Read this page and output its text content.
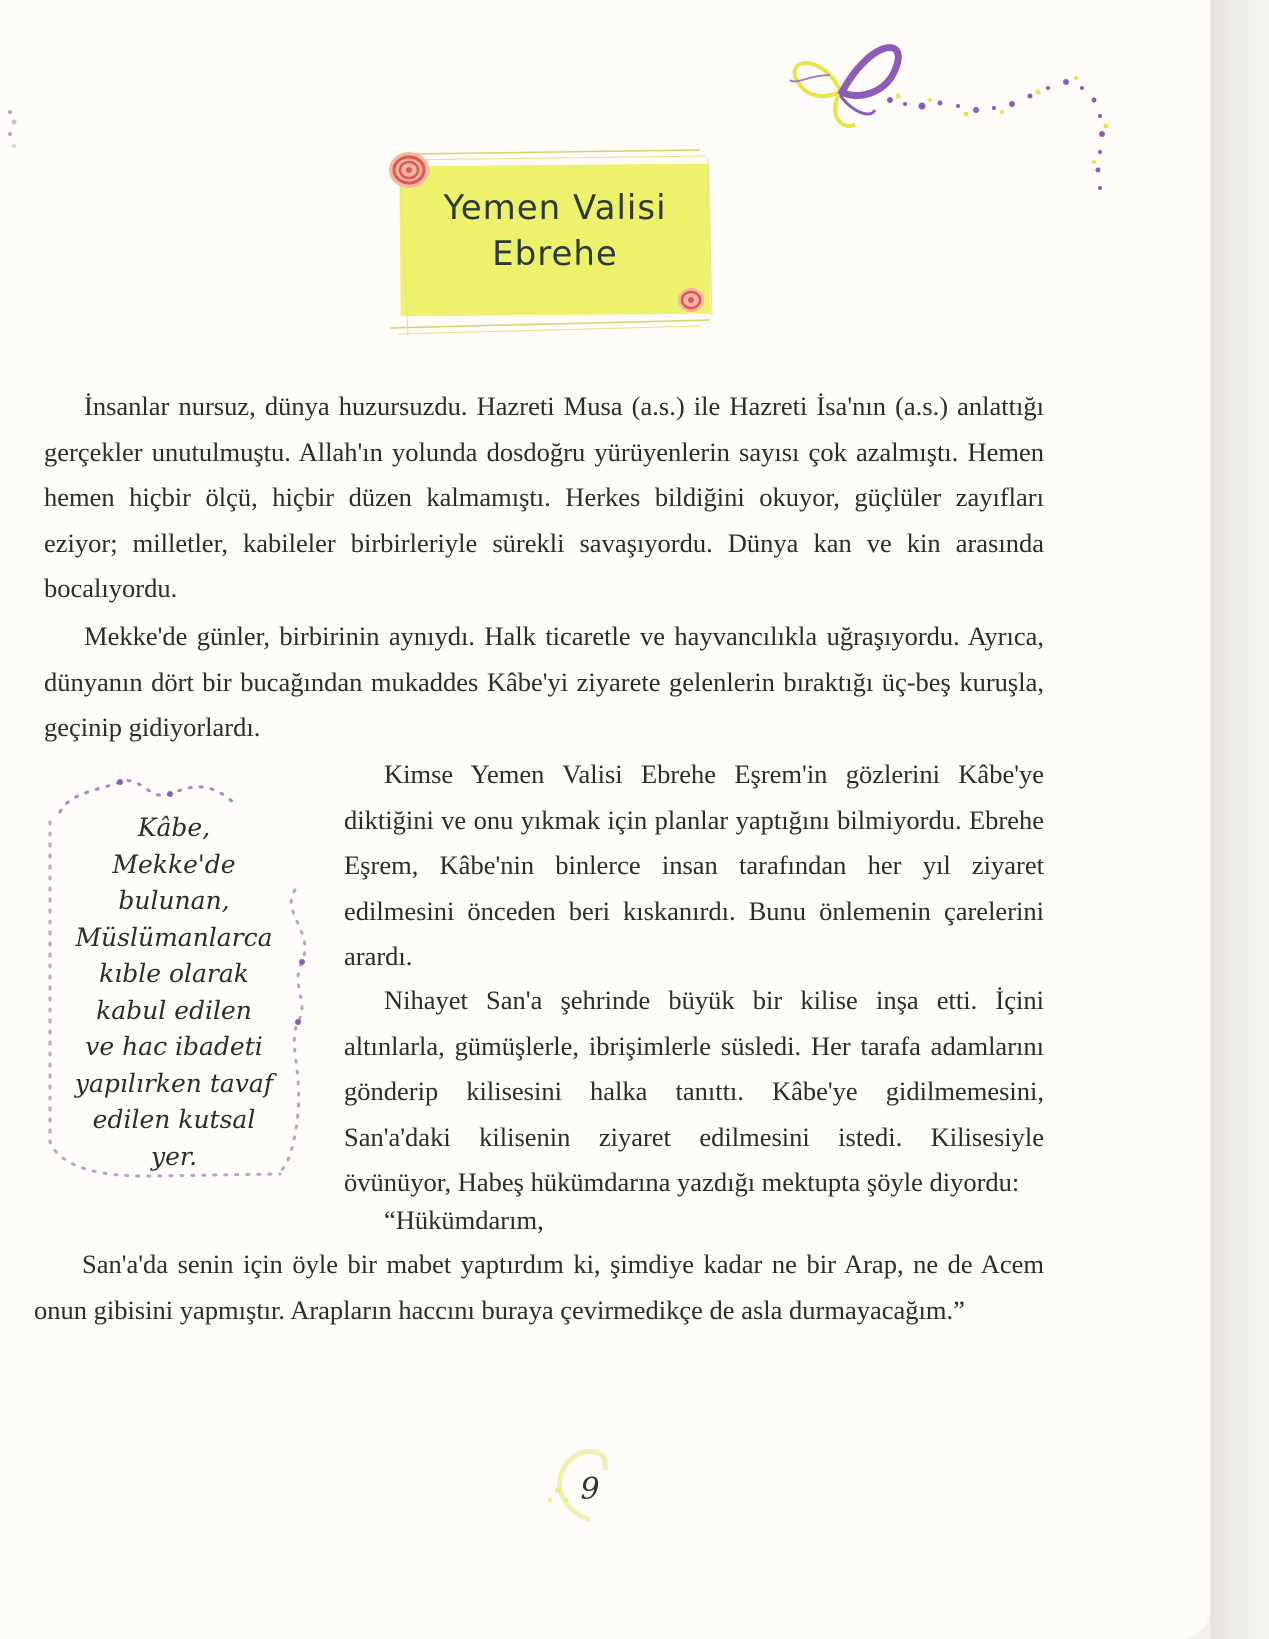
Yemen Valisi
Ebrehe

İnsanlar nursuz, dünya huzursuzdu. Hazreti Musa (a.s.) ile Hazreti İsa'nın (a.s.) anlattığı gerçekler unutulmuştu. Allah'ın yolunda dosdoğru yürüyenlerin sayısı çok azalmıştı. Hemen hemen hiçbir ölçü, hiçbir düzen kalmamıştı. Herkes bildiğini okuyor, güçlüler zayıfları eziyor; milletler, kabileler birbirleriyle sürekli savaşıyordu. Dünya kan ve kin arasında bocalıyordu.

Mekke'de günler, birbirinin aynıydı. Halk ticaretle ve hayvancılıkla uğraşıyordu. Ayrıca, dünyanın dört bir bucağından mukaddes Kâbe'yi ziyarete gelenlerin bıraktığı üç-beş kuruşla, geçinip gidiyorlardı.

Kimse Yemen Valisi Ebrehe Eşrem'in gözlerini Kâbe'ye diktiğini ve onu yıkmak için planlar yaptığını bilmiyordu. Ebrehe Eşrem, Kâbe'nin binlerce insan tarafından her yıl ziyaret edilmesini önceden beri kıskanırdı. Bunu önlemenin çarelerini arardı.

Nihayet San'a şehrinde büyük bir kilise inşa etti. İçini altınlarla, gümüşlerle, ibrişimlerle süsledi. Her tarafa adamlarını gönderip kilisesini halka tanıttı. Kâbe'ye gidilmemesini, San'a'daki kilisenin ziyaret edilmesini istedi. Kilisesiyle övünüyor, Habeş hükümdarına yazdığı mektupta şöyle diyordu:

“Hükümdarım,

San'a'da senin için öyle bir mabet yaptırdım ki, şimdiye kadar ne bir Arap, ne de Acem onun gibisini yapmıştır. Arapların haccını buraya çevirmedikçe de asla durmayacağım.”

Kâbe,
Mekke'de
bulunan,
Müslümanlarca
kıble olarak
kabul edilen
ve hac ibadeti
yapılırken tavaf
edilen kutsal
yer.
9
